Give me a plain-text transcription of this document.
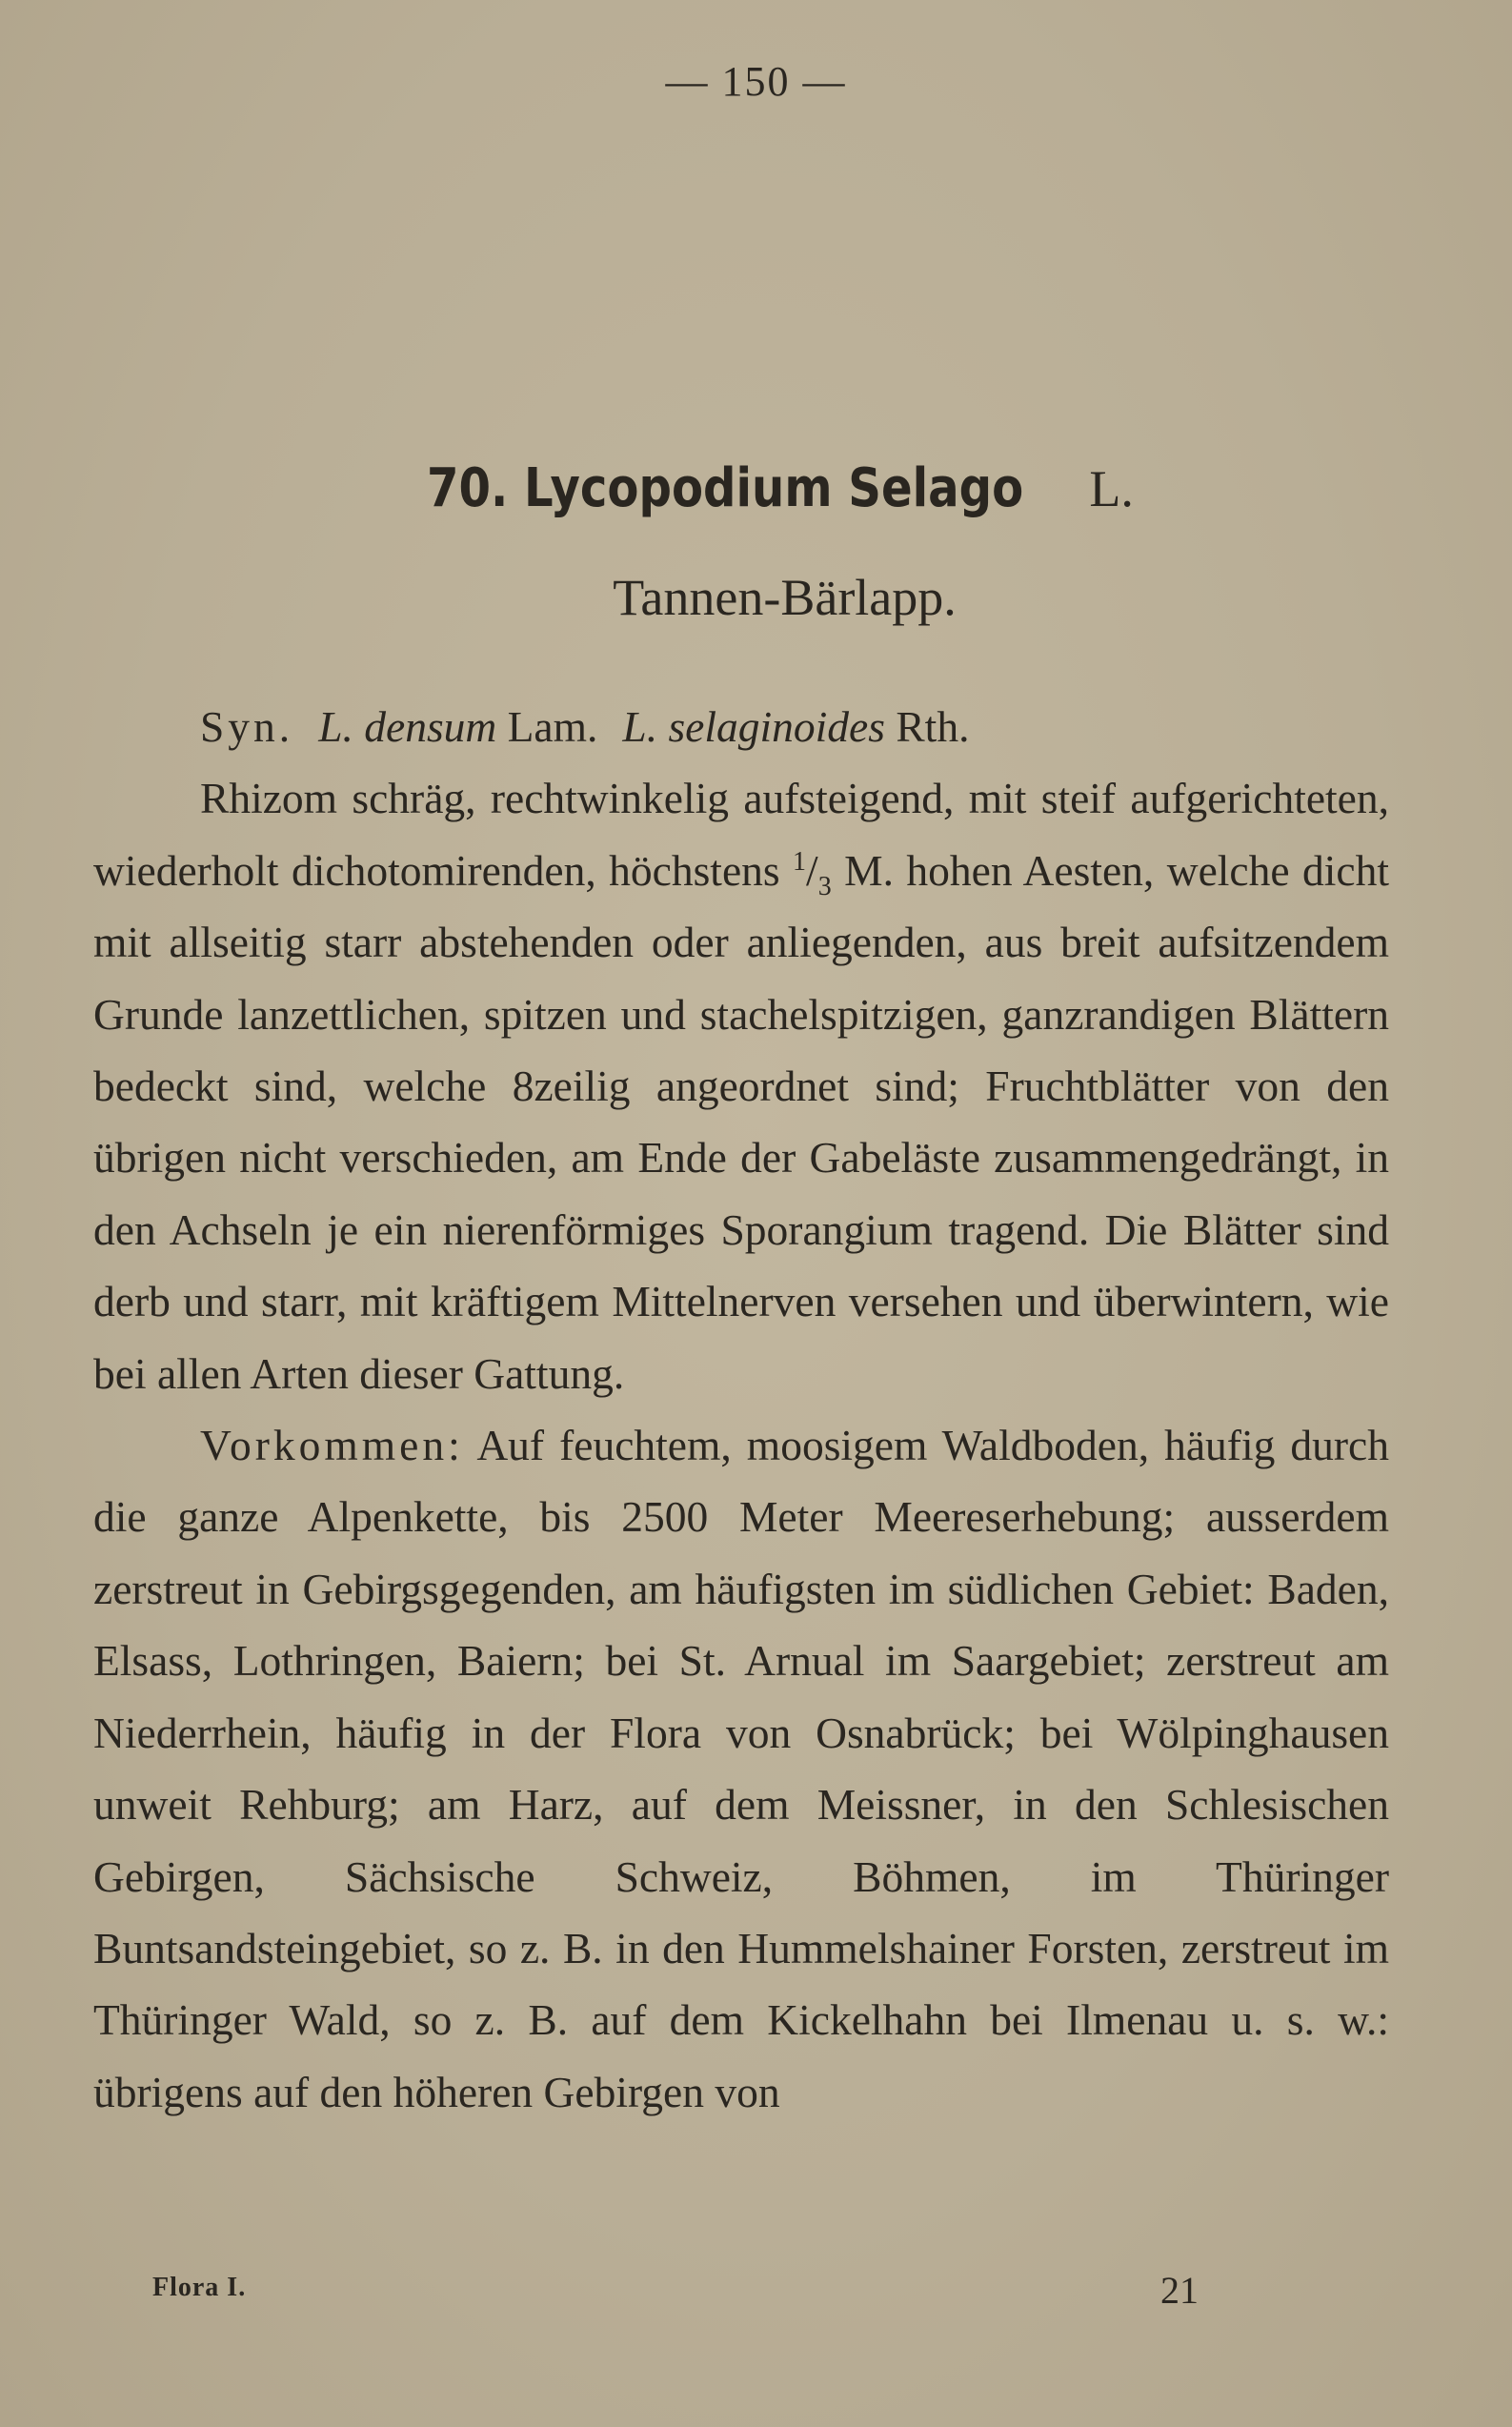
— 150 —
70. Lycopodium Selago L.
Tannen-Bärlapp.

Syn. L. densum Lam. L. selaginoides Rth.

Rhizom schräg, rechtwinkelig aufsteigend, mit steif aufgerichteten, wiederholt dichotomirenden, höchstens $^1/_3$ M. hohen Aesten, welche dicht mit allseitig starr abstehenden oder anliegenden, aus breit aufsitzendem Grunde lanzettlichen, spitzen und stachelspitzigen, ganzrandigen Blättern bedeckt sind, welche 8zeilig angeordnet sind; Fruchtblätter von den übrigen nicht verschieden, am Ende der Gabeläste zusammengedrängt, in den Achseln je ein nierenförmiges Sporangium tragend. Die Blätter sind derb und starr, mit kräftigem Mittelnerven versehen und überwintern, wie bei allen Arten dieser Gattung.

Vorkommen: Auf feuchtem, moosigem Waldboden, häufig durch die ganze Alpenkette, bis 2500 Meter Meereserhebung; ausserdem zerstreut in Gebirgsgegenden, am häufigsten im südlichen Gebiet: Baden, Elsass, Lothringen, Baiern; bei St. Arnual im Saargebiet; zerstreut am Niederrhein, häufig in der Flora von Osnabrück; bei Wölpinghausen unweit Rehburg; am Harz, auf dem Meissner, in den Schlesischen Gebirgen, Sächsische Schweiz, Böhmen, im Thüringer Buntsandsteingebiet, so z. B. in den Hummelshainer Forsten, zerstreut im Thüringer Wald, so z. B. auf dem Kickelhahn bei Ilmenau u. s. w.: übrigens auf den höheren Gebirgen von

Flora I.	21
